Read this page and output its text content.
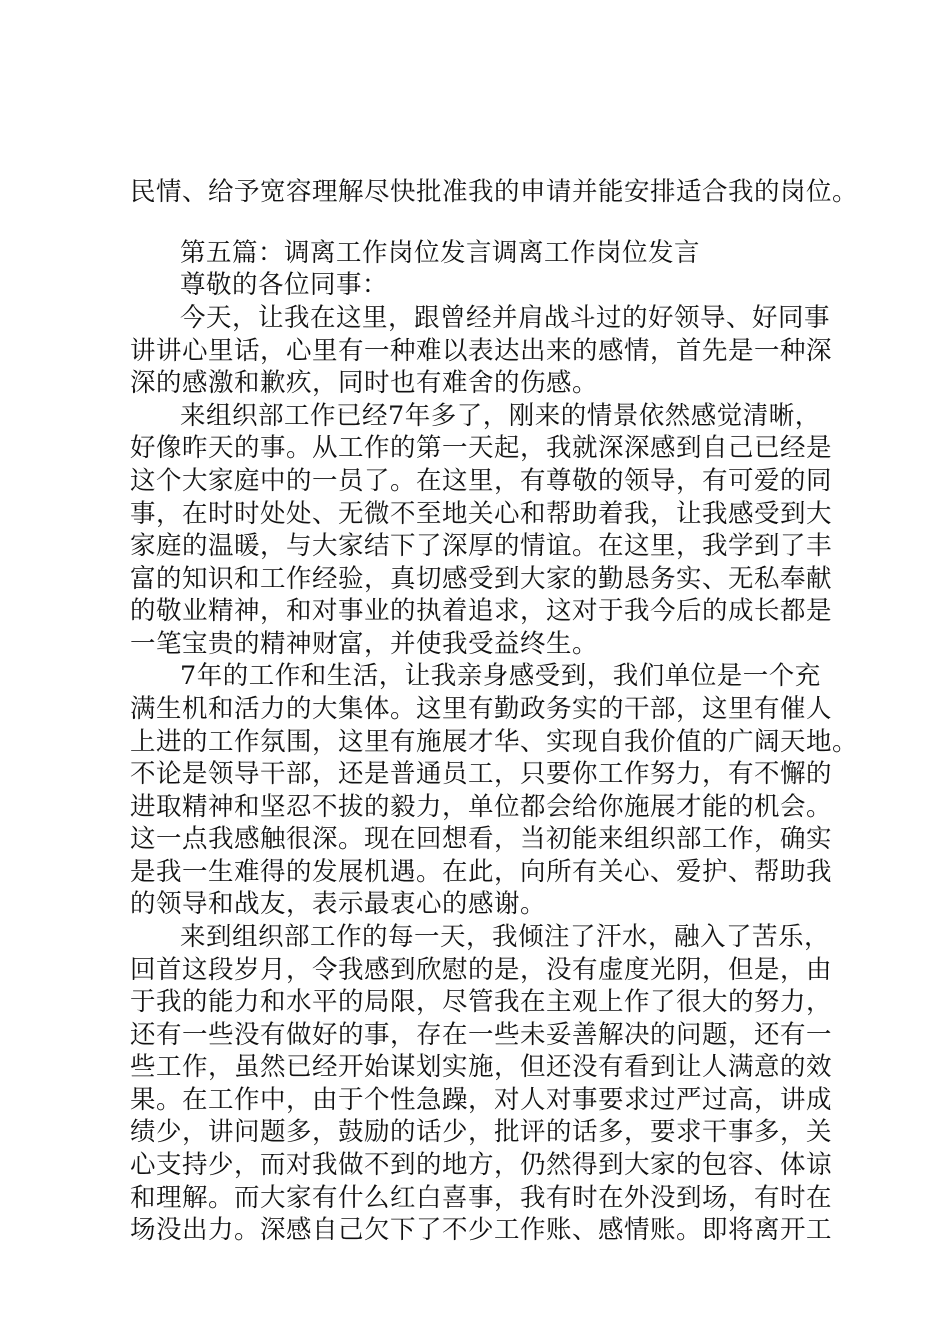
民情、给予宽容理解尽快批准我的申请并能安排适合我的岗位。
第五篇：调离工作岗位发言调离工作岗位发言
尊敬的各位同事：
今天，让我在这里，跟曾经并肩战斗过的好领导、好同事
讲讲心里话，心里有一种难以表达出来的感情，首先是一种深
深的感激和歉疚，同时也有难舍的伤感。
来组织部工作已经7年多了，刚来的情景依然感觉清晰，
好像昨天的事。从工作的第一天起，我就深深感到自己已经是
这个大家庭中的一员了。在这里，有尊敬的领导，有可爱的同
事，在时时处处、无微不至地关心和帮助着我，让我感受到大
家庭的温暖，与大家结下了深厚的情谊。在这里，我学到了丰
富的知识和工作经验，真切感受到大家的勤恳务实、无私奉献
的敬业精神，和对事业的执着追求，这对于我今后的成长都是
一笔宝贵的精神财富，并使我受益终生。
7年的工作和生活，让我亲身感受到，我们单位是一个充
满生机和活力的大集体。这里有勤政务实的干部，这里有催人
上进的工作氛围，这里有施展才华、实现自我价值的广阔天地。
不论是领导干部，还是普通员工，只要你工作努力，有不懈的
进取精神和坚忍不拔的毅力，单位都会给你施展才能的机会。
这一点我感触很深。现在回想看，当初能来组织部工作，确实
是我一生难得的发展机遇。在此，向所有关心、爱护、帮助我
的领导和战友，表示最衷心的感谢。
来到组织部工作的每一天，我倾注了汗水，融入了苦乐，
回首这段岁月，令我感到欣慰的是，没有虚度光阴，但是，由
于我的能力和水平的局限，尽管我在主观上作了很大的努力，
还有一些没有做好的事，存在一些未妥善解决的问题，还有一
些工作，虽然已经开始谋划实施，但还没有看到让人满意的效
果。在工作中，由于个性急躁，对人对事要求过严过高，讲成
绩少，讲问题多，鼓励的话少，批评的话多，要求干事多，关
心支持少，而对我做不到的地方，仍然得到大家的包容、体谅
和理解。而大家有什么红白喜事，我有时在外没到场，有时在
场没出力。深感自己欠下了不少工作账、感情账。即将离开工
